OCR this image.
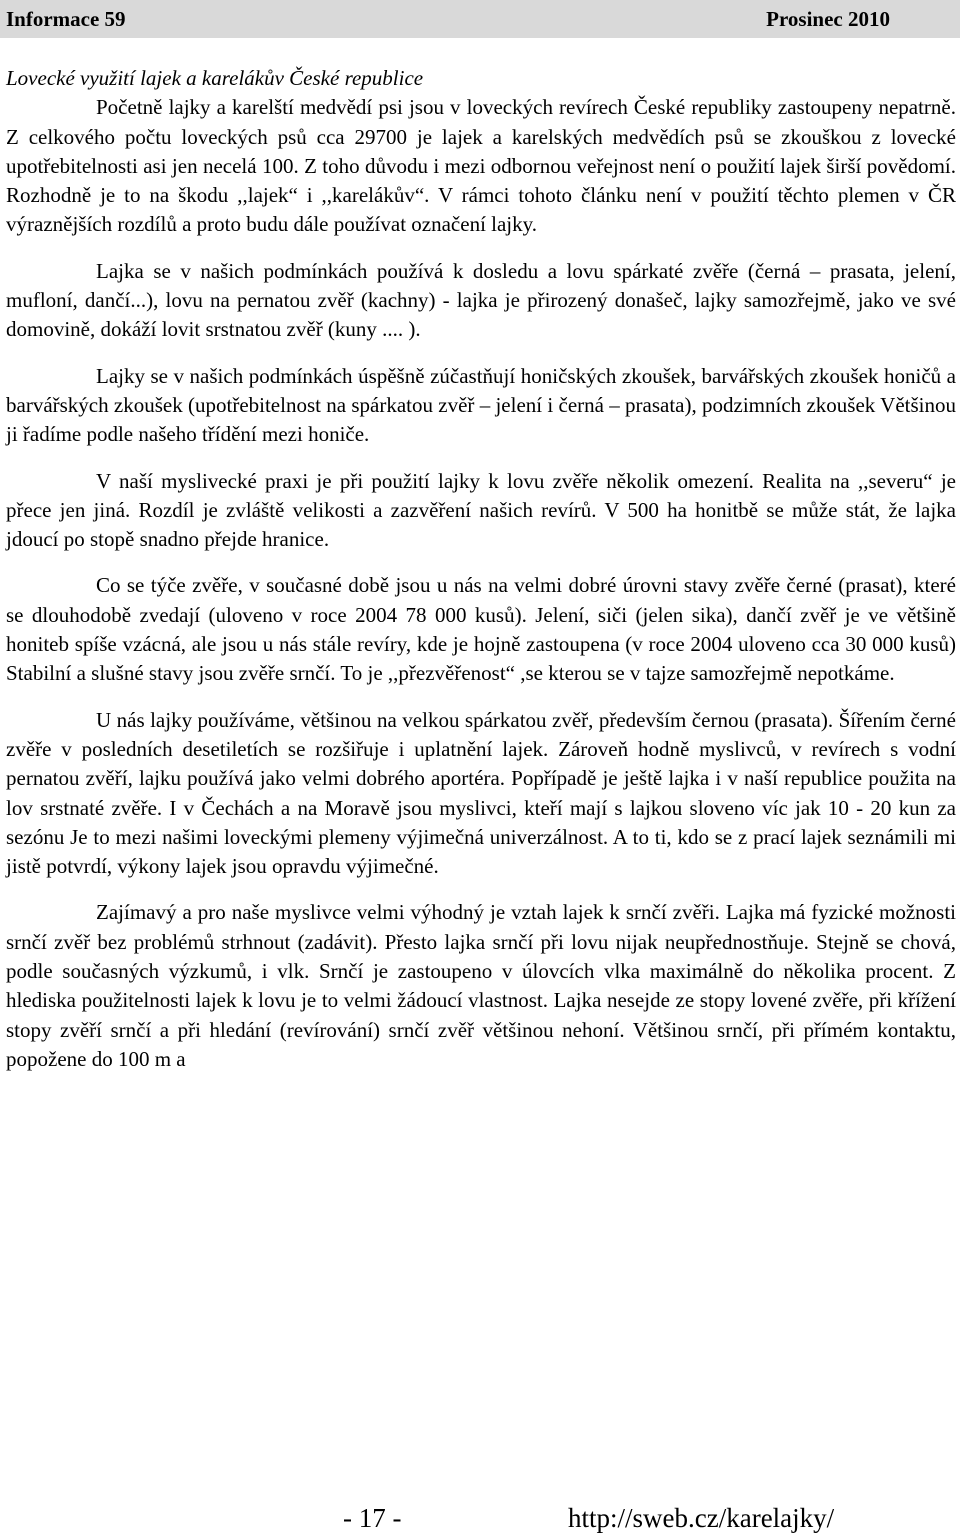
Informace 59	Prosinec 2010
Lovecké využití lajek a karelákův České republice

Početně lajky a karelští medvědí psi jsou v loveckých revírech České republiky zastoupeny nepatrně. Z celkového počtu loveckých psů cca 29700 je lajek a karelských medvědích psů se zkouškou z lovecké upotřebitelnosti asi jen necelá 100. Z toho důvodu i mezi odbornou veřejnost není o použití lajek širší povědomí. Rozhodně je to na škodu ,,lajek“ i ,,karelákův“. V rámci tohoto článku není v použití těchto plemen v ČR výraznějších rozdílů a proto budu dále používat označení lajky.

Lajka se v našich podmínkách používá k dosledu a lovu spárkaté zvěře (černá – prasata, jelení, mufloní, dančí...), lovu na pernatou zvěř (kachny) - lajka je přirozený donašeč, lajky samozřejmě, jako ve své domovině, dokáží lovit srstnatou zvěř (kuny .... ).

Lajky se v našich podmínkách úspěšně zúčastňují honičských zkoušek, barvářských zkoušek honičů a barvářských zkoušek (upotřebitelnost na spárkatou zvěř – jelení i černá – prasata), podzimních zkoušek Většinou ji řadíme podle našeho třídění mezi honiče.

V naší myslivecké praxi je při použití lajky k lovu zvěře několik omezení. Realita na ,,severu“ je přece jen jiná. Rozdíl je zvláště velikosti a zazvěření našich revírů. V 500 ha honitbě se může stát, že lajka jdoucí po stopě snadno přejde hranice.

Co se týče zvěře, v současné době jsou u nás na velmi dobré úrovni stavy zvěře černé (prasat), které se dlouhodobě zvedají (uloveno v roce 2004 78 000 kusů). Jelení, siči (jelen sika), dančí zvěř je ve většině honiteb spíše vzácná, ale jsou u nás stále revíry, kde je hojně zastoupena (v roce 2004 uloveno cca 30 000 kusů) Stabilní a slušné stavy jsou zvěře srnčí. To je ,,přezvěřenost“ ,se kterou se v tajze samozřejmě nepotkáme.

U nás lajky používáme, většinou na velkou spárkatou zvěř, především černou (prasata). Šířením černé zvěře v posledních desetiletích se rozšiřuje i uplatnění lajek. Zároveň hodně myslivců, v revírech s vodní pernatou zvěří, lajku používá jako velmi dobrého aportéra. Popřípadě je ještě lajka i v naší republice použita na lov srstnaté zvěře. I v Čechách a na Moravě jsou myslivci, kteří mají s lajkou sloveno víc jak 10 - 20 kun za sezónu Je to mezi našimi loveckými plemeny výjimečná univerzálnost. A to ti, kdo se z prací lajek seznámili mi jistě potvrdí, výkony lajek jsou opravdu výjimečné.

Zajímavý a pro naše myslivce velmi výhodný je vztah lajek k srnčí zvěři. Lajka má fyzické možnosti srnčí zvěř bez problémů strhnout (zadávit). Přesto lajka srnčí při lovu nijak neupřednostňuje. Stejně se chová, podle současných výzkumů, i vlk. Srnčí je zastoupeno v úlovcích vlka maximálně do několika procent. Z hlediska použitelnosti lajek k lovu je to velmi žádoucí vlastnost. Lajka nesejde ze stopy lovené zvěře, při křížení stopy zvěří srnčí a při hledání (revírování) srnčí zvěř většinou nehoní. Většinou srnčí, při přímém kontaktu, popožene do 100 m a

- 17 -	http://sweb.cz/karelajky/
